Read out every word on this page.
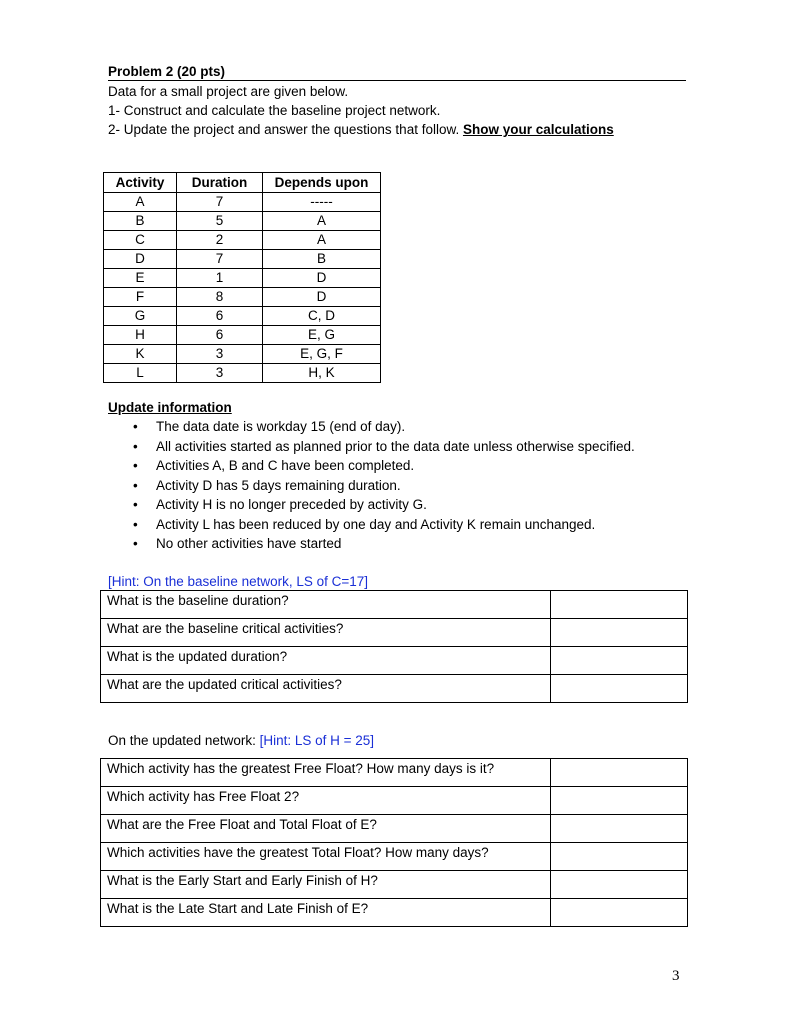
Problem 2 (20 pts)
Data for a small project are given below.
1- Construct and calculate the baseline project network.
2- Update the project and answer the questions that follow. Show your calculations
Activity	Duration	Depends upon
A	7	-----
B	5	A
C	2	A
D	7	B
E	1	D
F	8	D
G	6	C, D
H	6	E, G
K	3	E, G, F
L	3	H, K
Update information
• The data date is workday 15 (end of day).
• All activities started as planned prior to the data date unless otherwise specified.
• Activities A, B and C have been completed.
• Activity D has 5 days remaining duration.
• Activity H is no longer preceded by activity G.
• Activity L has been reduced by one day and Activity K remain unchanged.
• No other activities have started
[Hint: On the baseline network, LS of C=17]
What is the baseline duration?	
What are the baseline critical activities?	
What is the updated duration?	
What are the updated critical activities?	
On the updated network: [Hint: LS of H = 25]
Which activity has the greatest Free Float? How many days is it?	
Which activity has Free Float 2?	
What are the Free Float and Total Float of E?	
Which activities have the greatest Total Float? How many days?	
What is the Early Start and Early Finish of H?	
What is the Late Start and Late Finish of E?	
3
